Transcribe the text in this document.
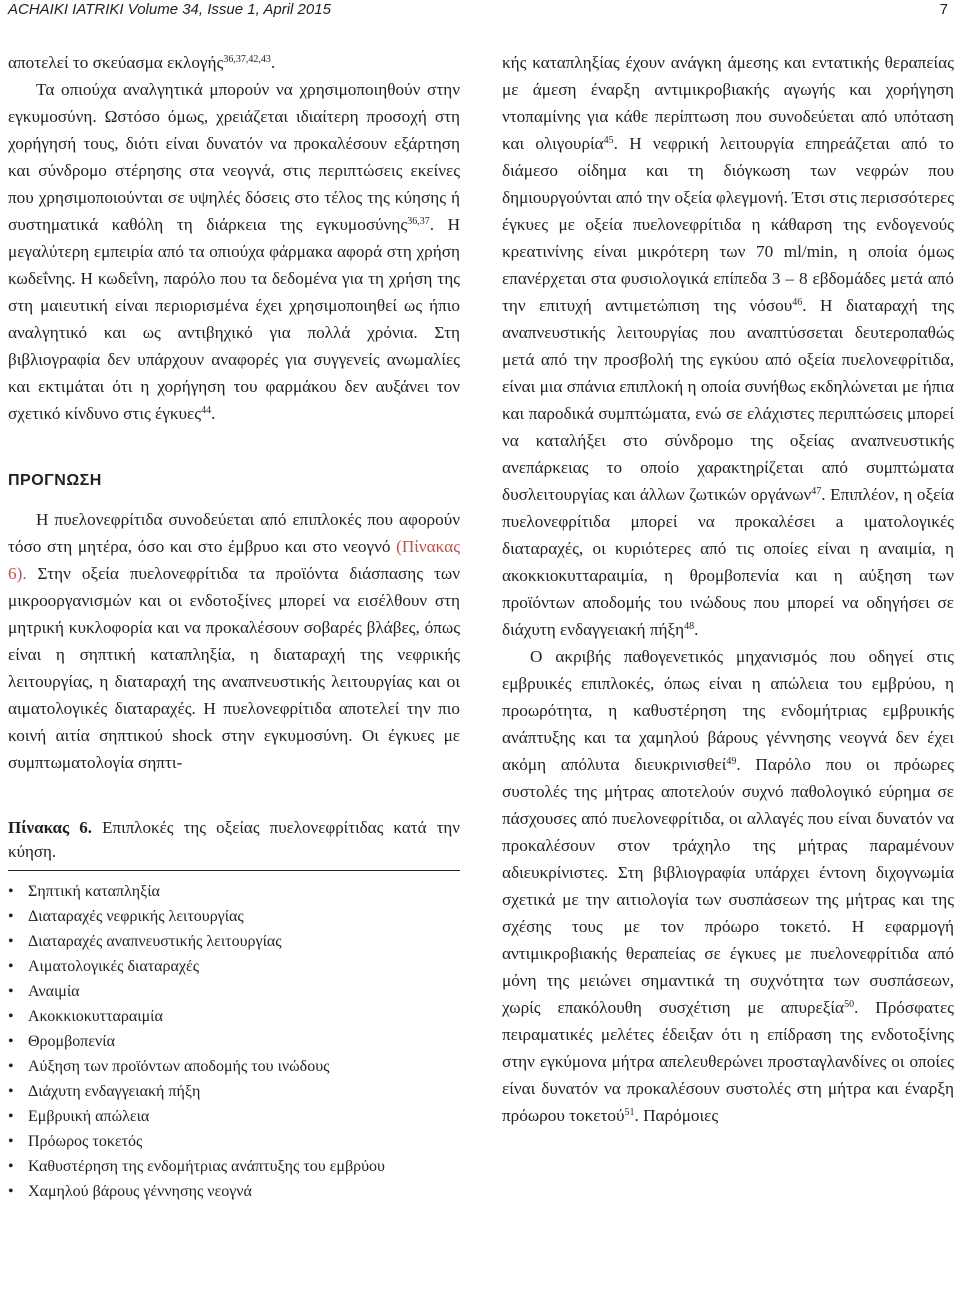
ACHAIKI IATRIKI Volume 34, Issue 1, April 2015	7

αποτελεί το σκεύασμα εκλογής$^{36,37,42,43}$.

Τα οπιούχα αναλγητικά μπορούν να χρησιμοποιηθούν στην εγκυμοσύνη. Ωστόσο όμως, χρειάζεται ιδιαίτερη προσοχή στη χορήγησή τους, διότι είναι δυνατόν να προκαλέσουν εξάρτηση και σύνδρομο στέρησης στα νεογνά, στις περιπτώσεις εκείνες που χρησιμοποιούνται σε υψηλές δόσεις στο τέλος της κύησης ή συστηματικά καθόλη τη διάρκεια της εγκυμοσύνης$^{36,37}$. Η μεγαλύτερη εμπειρία από τα οπιούχα φάρμακα αφορά στη χρήση κωδεΐνης. Η κωδεΐνη, παρόλο που τα δεδομένα για τη χρήση της στη μαιευτική είναι περιορισμένα έχει χρησιμοποιηθεί ως ήπιο αναλγητικό και ως αντιβηχικό για πολλά χρόνια. Στη βιβλιογραφία δεν υπάρχουν αναφορές για συγγενείς ανωμαλίες και εκτιμάται ότι η χορήγηση του φαρμάκου δεν αυξάνει τον σχετικό κίνδυνο στις έγκυες$^{44}$.

ΠΡΟΓΝΩΣΗ

Η πυελονεφρίτιδα συνοδεύεται από επιπλοκές που αφορούν τόσο στη μητέρα, όσο και στο έμβρυο και στο νεογνό (Πίνακας 6). Στην οξεία πυελονεφρίτιδα τα προϊόντα διάσπασης των μικροοργανισμών και οι ενδοτοξίνες μπορεί να εισέλθουν στη μητρική κυκλοφορία και να προκαλέσουν σοβαρές βλάβες, όπως είναι η σηπτική καταπληξία, η διαταραχή της νεφρικής λειτουργίας, η διαταραχή της αναπνευστικής λειτουργίας και οι αιματολογικές διαταραχές. Η πυελονεφρίτιδα αποτελεί την πιο κοινή αιτία σηπτικού shock στην εγκυμοσύνη. Οι έγκυες με συμπτωματολογία σηπτι-

Πίνακας 6. Επιπλοκές της οξείας πυελονεφρίτιδας κατά την κύηση.
• Σηπτική καταπληξία
• Διαταραχές νεφρικής λειτουργίας
• Διαταραχές αναπνευστικής λειτουργίας
• Αιματολογικές διαταραχές
• Αναιμία
• Ακοκκιοκυτταραιμία
• Θρομβοπενία
• Αύξηση των προϊόντων αποδομής του ινώδους
• Διάχυτη ενδαγγειακή πήξη
• Εμβρυική απώλεια
• Πρόωρος τοκετός
• Καθυστέρηση της ενδομήτριας ανάπτυξης του εμβρύου
• Χαμηλού βάρους γέννησης νεογνά

κής καταπληξίας έχουν ανάγκη άμεσης και εντατικής θεραπείας με άμεση έναρξη αντιμικροβιακής αγωγής και χορήγηση ντοπαμίνης για κάθε περίπτωση που συνοδεύεται από υπόταση και ολιγουρία$^{45}$. Η νεφρική λειτουργία επηρεάζεται από το διάμεσο οίδημα και τη διόγκωση των νεφρών που δημιουργούνται από την οξεία φλεγμονή. Έτσι στις περισσότερες έγκυες με οξεία πυελονεφρίτιδα η κάθαρση της ενδογενούς κρεατινίνης είναι μικρότερη των 70 ml/min, η οποία όμως επανέρχεται στα φυσιολογικά επίπεδα 3 – 8 εβδομάδες μετά από την επιτυχή αντιμετώπιση της νόσου$^{46}$. Η διαταραχή της αναπνευστικής λειτουργίας που αναπτύσσεται δευτεροπαθώς μετά από την προσβολή της εγκύου από οξεία πυελονεφρίτιδα, είναι μια σπάνια επιπλοκή η οποία συνήθως εκδηλώνεται με ήπια και παροδικά συμπτώματα, ενώ σε ελάχιστες περιπτώσεις μπορεί να καταλήξει στο σύνδρομο της οξείας αναπνευστικής ανεπάρκειας το οποίο χαρακτηρίζεται από συμπτώματα δυσλειτουργίας και άλλων ζωτικών οργάνων$^{47}$. Επιπλέον, η οξεία πυελονεφρίτιδα μπορεί να προκαλέσει a ιματολογικές διαταραχές, οι κυριότερες από τις οποίες είναι η αναιμία, η ακοκκιοκυτταραιμία, η θρομβοπενία και η αύξηση των προϊόντων αποδομής του ινώδους που μπορεί να οδηγήσει σε διάχυτη ενδαγγειακή πήξη$^{48}$.

Ο ακριβής παθογενετικός μηχανισμός που οδηγεί στις εμβρυικές επιπλοκές, όπως είναι η απώλεια του εμβρύου, η προωρότητα, η καθυστέρηση της ενδομήτριας εμβρυικής ανάπτυξης και τα χαμηλού βάρους γέννησης νεογνά δεν έχει ακόμη απόλυτα διευκρινισθεί$^{49}$. Παρόλο που οι πρόωρες συστολές της μήτρας αποτελούν συχνό παθολογικό εύρημα σε πάσχουσες από πυελονεφρίτιδα, οι αλλαγές που είναι δυνατόν να προκαλέσουν στον τράχηλο της μήτρας παραμένουν αδιευκρίνιστες. Στη βιβλιογραφία υπάρχει έντονη διχογνωμία σχετικά με την αιτιολογία των συσπάσεων της μήτρας και της σχέσης τους με τον πρόωρο τοκετό. Η εφαρμογή αντιμικροβιακής θεραπείας σε έγκυες με πυελονεφρίτιδα από μόνη της μειώνει σημαντικά τη συχνότητα των συσπάσεων, χωρίς επακόλουθη συσχέτιση με απυρεξία$^{50}$. Πρόσφατες πειραματικές μελέτες έδειξαν ότι η επίδραση της ενδοτοξίνης στην εγκύμονα μήτρα απελευθερώνει προσταγλανδίνες οι οποίες είναι δυνατόν να προκαλέσουν συστολές στη μήτρα και έναρξη πρόωρου τοκετού$^{51}$. Παρόμοιες
